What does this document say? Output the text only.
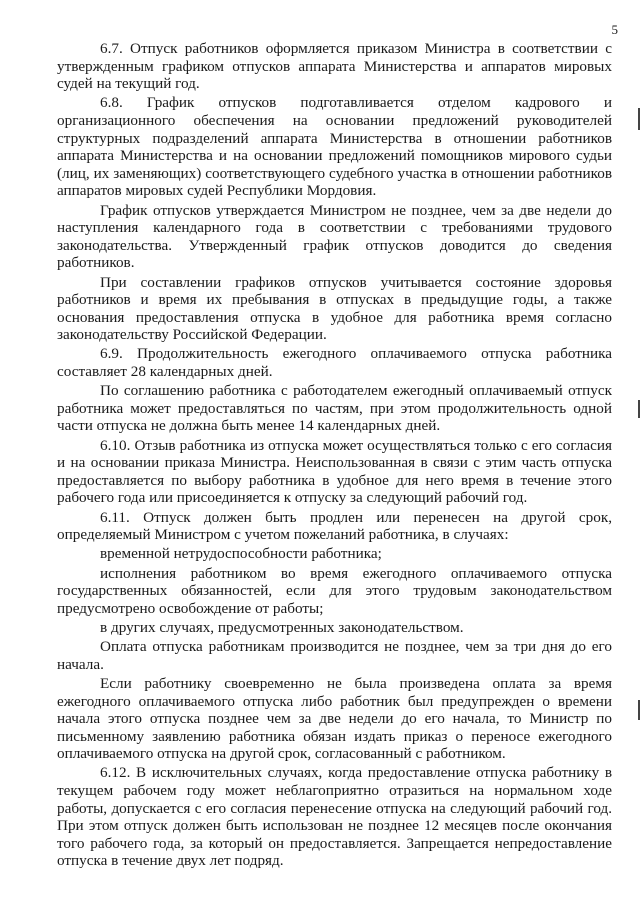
5

6.7. Отпуск работников оформляется приказом Министра в соответствии с утвержденным графиком отпусков аппарата Министерства и аппаратов мировых судей на текущий год.

6.8. График отпусков подготавливается отделом кадрового и организационного обеспечения на основании предложений руководителей структурных подразделений аппарата Министерства в отношении работников аппарата Министерства и на основании предложений помощников мирового судьи (лиц, их заменяющих) соответствующего судебного участка в отношении работников аппаратов мировых судей Республики Мордовия.

График отпусков утверждается Министром не позднее, чем за две недели до наступления календарного года в соответствии с требованиями трудового законодательства. Утвержденный график отпусков доводится до сведения работников.

При составлении графиков отпусков учитывается состояние здоровья работников и время их пребывания в отпусках в предыдущие годы, а также основания предоставления отпуска в удобное для работника время согласно законодательству Российской Федерации.

6.9. Продолжительность ежегодного оплачиваемого отпуска работника составляет 28 календарных дней.

По соглашению работника с работодателем ежегодный оплачиваемый отпуск работника может предоставляться по частям, при этом продолжительность одной части отпуска не должна быть менее 14 календарных дней.

6.10. Отзыв работника из отпуска может осуществляться только с его согласия и на основании приказа Министра. Неиспользованная в связи с этим часть отпуска предоставляется по выбору работника в удобное для него время в течение этого рабочего года или присоединяется к отпуску за следующий рабочий год.

6.11. Отпуск должен быть продлен или перенесен на другой срок, определяемый Министром с учетом пожеланий работника, в случаях:

временной нетрудоспособности работника;

исполнения работником во время ежегодного оплачиваемого отпуска государственных обязанностей, если для этого трудовым законодательством предусмотрено освобождение от работы;

в других случаях, предусмотренных законодательством.

Оплата отпуска работникам производится не позднее, чем за три дня до его начала.

Если работнику своевременно не была произведена оплата за время ежегодного оплачиваемого отпуска либо работник был предупрежден о времени начала этого отпуска позднее чем за две недели до его начала, то Министр по письменному заявлению работника обязан издать приказ о переносе ежегодного оплачиваемого отпуска на другой срок, согласованный с работником.

6.12. В исключительных случаях, когда предоставление отпуска работнику в текущем рабочем году может неблагоприятно отразиться на нормальном ходе работы, допускается с его согласия перенесение отпуска на следующий рабочий год. При этом отпуск должен быть использован не позднее 12 месяцев после окончания того рабочего года, за который он предоставляется. Запрещается непредоставление отпуска в течение двух лет подряд.
